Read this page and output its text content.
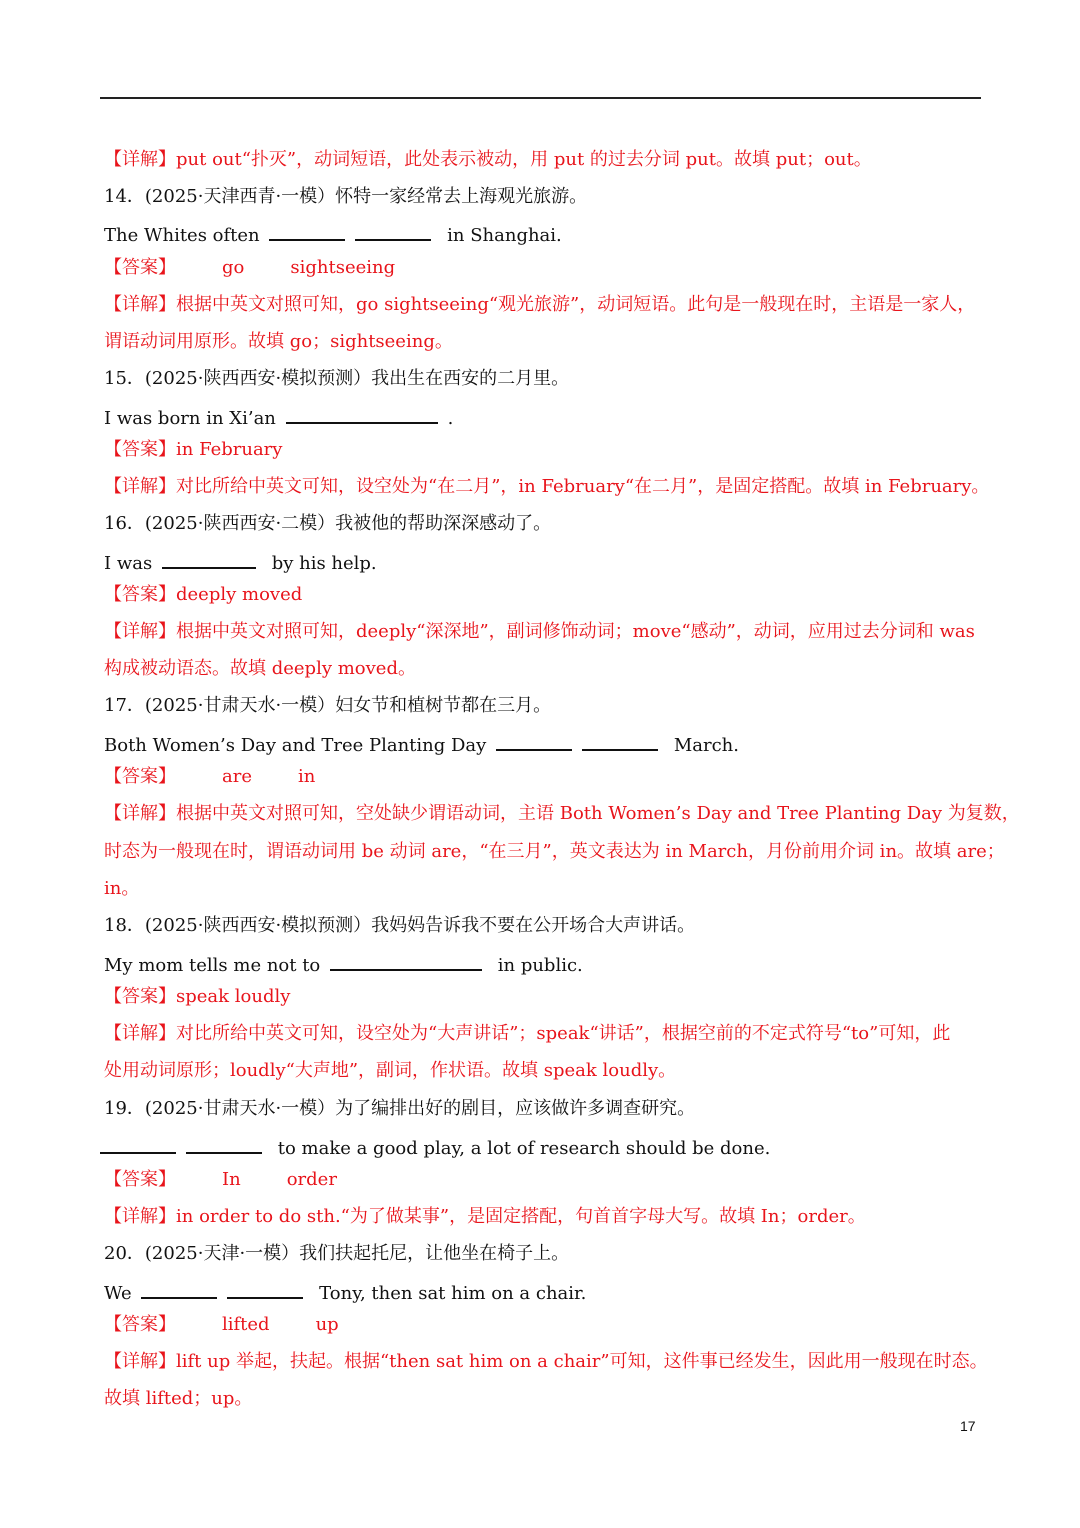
【详解】put out“扑灭”，动词短语，此处表示被动，用 put 的过去分词 put。故填 put；out。
14．(2025·天津西青·一模）怀特一家经常去上海观光旅游。
The Whites often	in Shanghai.
【答案】	go	sightseeing
【详解】根据中英文对照可知，go sightseeing“观光旅游”，动词短语。此句是一般现在时，主语是一家人，
谓语动词用原形。故填 go；sightseeing。
15．(2025·陕西西安·模拟预测）我出生在西安的二月里。
I was born in Xi’an	.
【答案】in February
【详解】对比所给中英文可知，设空处为“在二月”，in February“在二月”，是固定搭配。故填 in February。
16．(2025·陕西西安·二模）我被他的帮助深深感动了。
I was	by his help.
【答案】deeply moved
【详解】根据中英文对照可知，deeply“深深地”，副词修饰动词；move“感动”，动词，应用过去分词和 was
构成被动语态。故填 deeply moved。
17．(2025·甘肃天水·一模）妇女节和植树节都在三月。
Both Women’s Day and Tree Planting Day	March.
【答案】	are	in
【详解】根据中英文对照可知，空处缺少谓语动词，主语 Both Women’s Day and Tree Planting Day 为复数，
时态为一般现在时，谓语动词用 be 动词 are，“在三月”，英文表达为 in March，月份前用介词 in。故填 are；
in。
18．(2025·陕西西安·模拟预测）我妈妈告诉我不要在公开场合大声讲话。
My mom tells me not to	in public.
【答案】speak loudly
【详解】对比所给中英文可知，设空处为“大声讲话”；speak“讲话”，根据空前的不定式符号“to”可知，此
处用动词原形；loudly“大声地”，副词，作状语。故填 speak loudly。
19．(2025·甘肃天水·一模）为了编排出好的剧目，应该做许多调查研究。
to make a good play, a lot of research should be done.
【答案】	In	order
【详解】in order to do sth.“为了做某事”，是固定搭配，句首首字母大写。故填 In；order。
20．(2025·天津·一模）我们扶起托尼，让他坐在椅子上。
We	Tony, then sat him on a chair.
【答案】	lifted	up
【详解】lift up 举起，扶起。根据“then sat him on a chair”可知，这件事已经发生，因此用一般现在时态。
故填 lifted；up。
17
